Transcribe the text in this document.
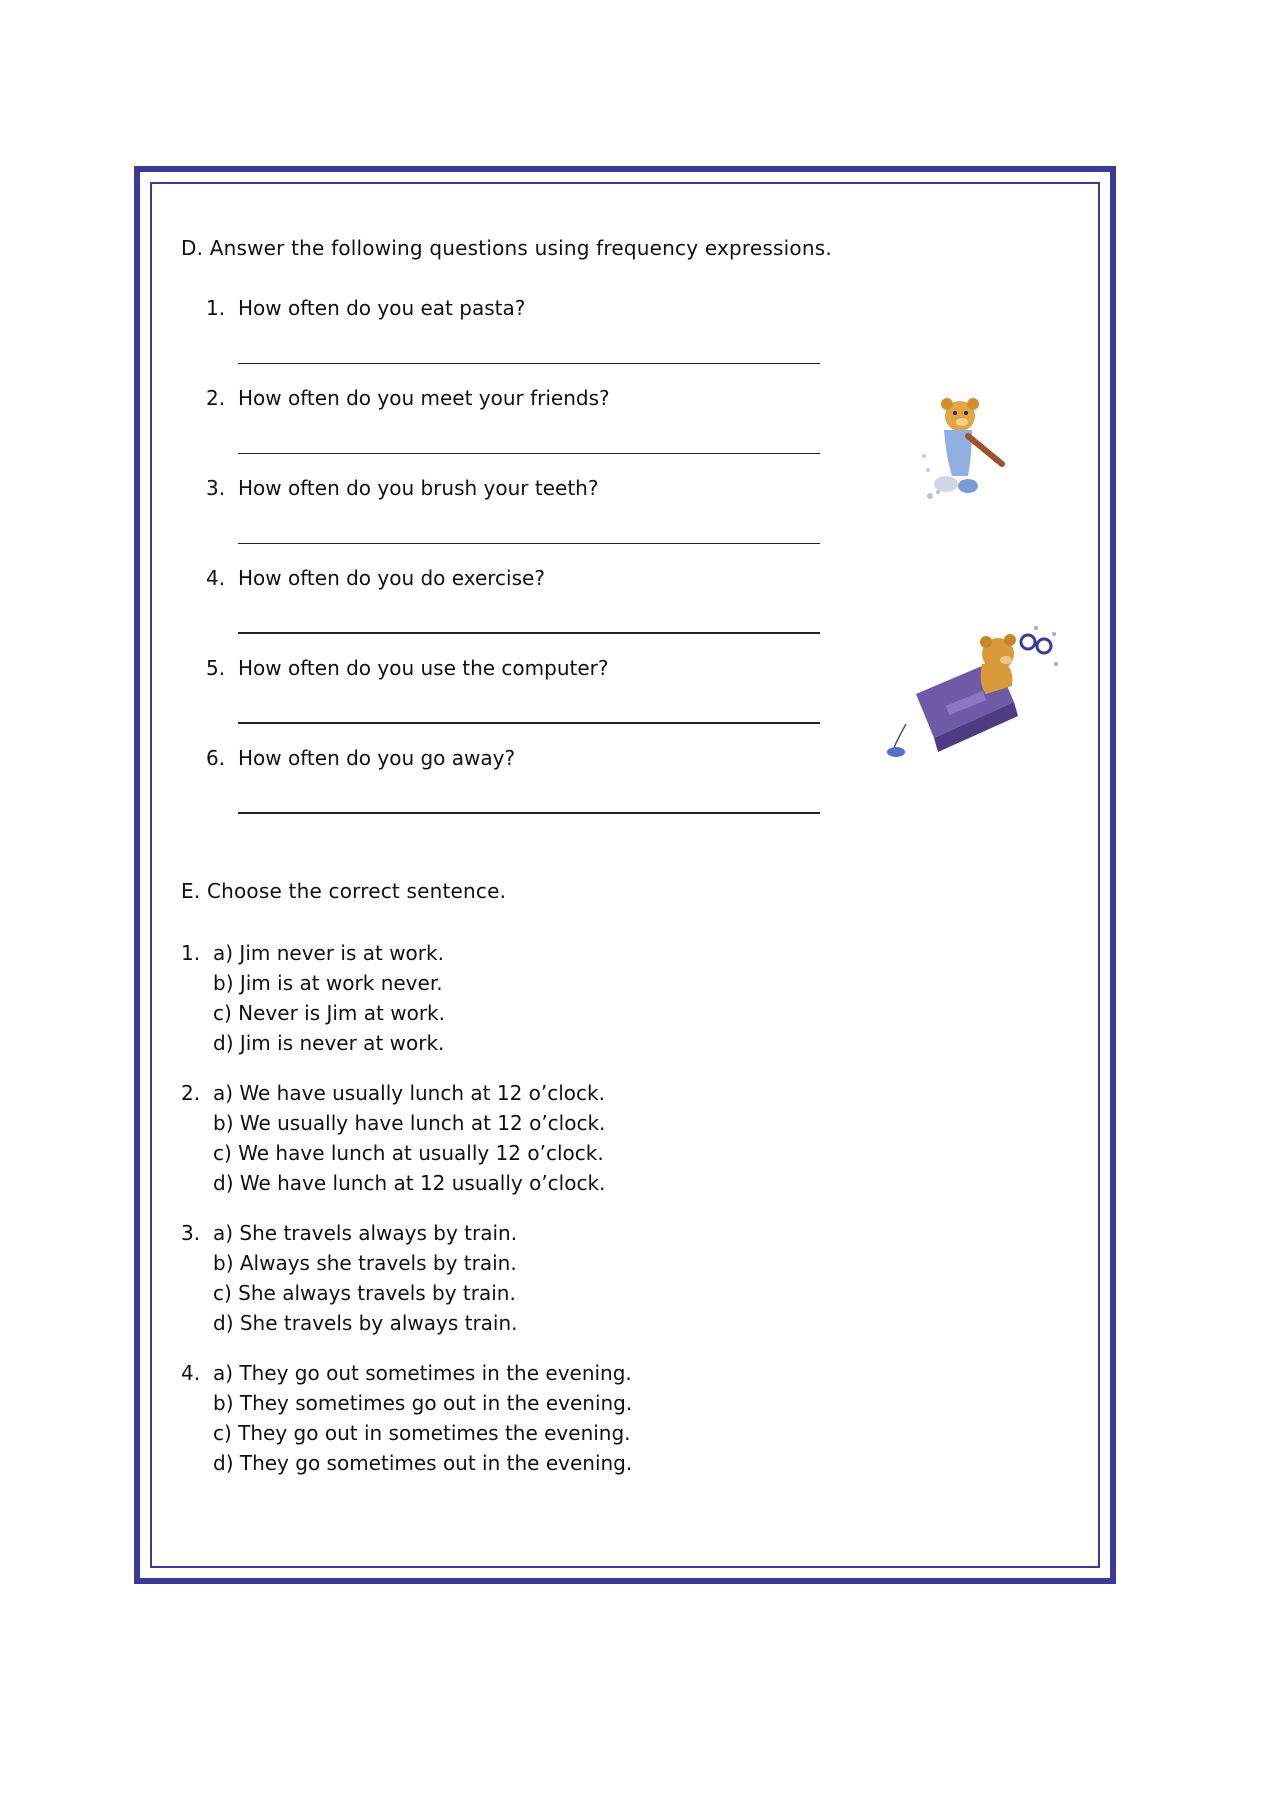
D. Answer the following questions using frequency expressions.
1. How often do you eat pasta?
2. How often do you meet your friends?
3. How often do you brush your teeth?
4. How often do you do exercise?
5. How often do you use the computer?
6. How often do you go away?
E. Choose the correct sentence.
1. a) Jim never is at work.
b) Jim is at work never.
c) Never is Jim at work.
d) Jim is never at work.
2. a) We have usually lunch at 12 o’clock.
b) We usually have lunch at 12 o’clock.
c) We have lunch at usually 12 o’clock.
d) We have lunch at 12 usually o’clock.
3. a) She travels always by train.
b) Always she travels by train.
c) She always travels by train.
d) She travels by always train.
4. a) They go out sometimes in the evening.
b) They sometimes go out in the evening.
c) They go out in sometimes the evening.
d) They go sometimes out in the evening.
